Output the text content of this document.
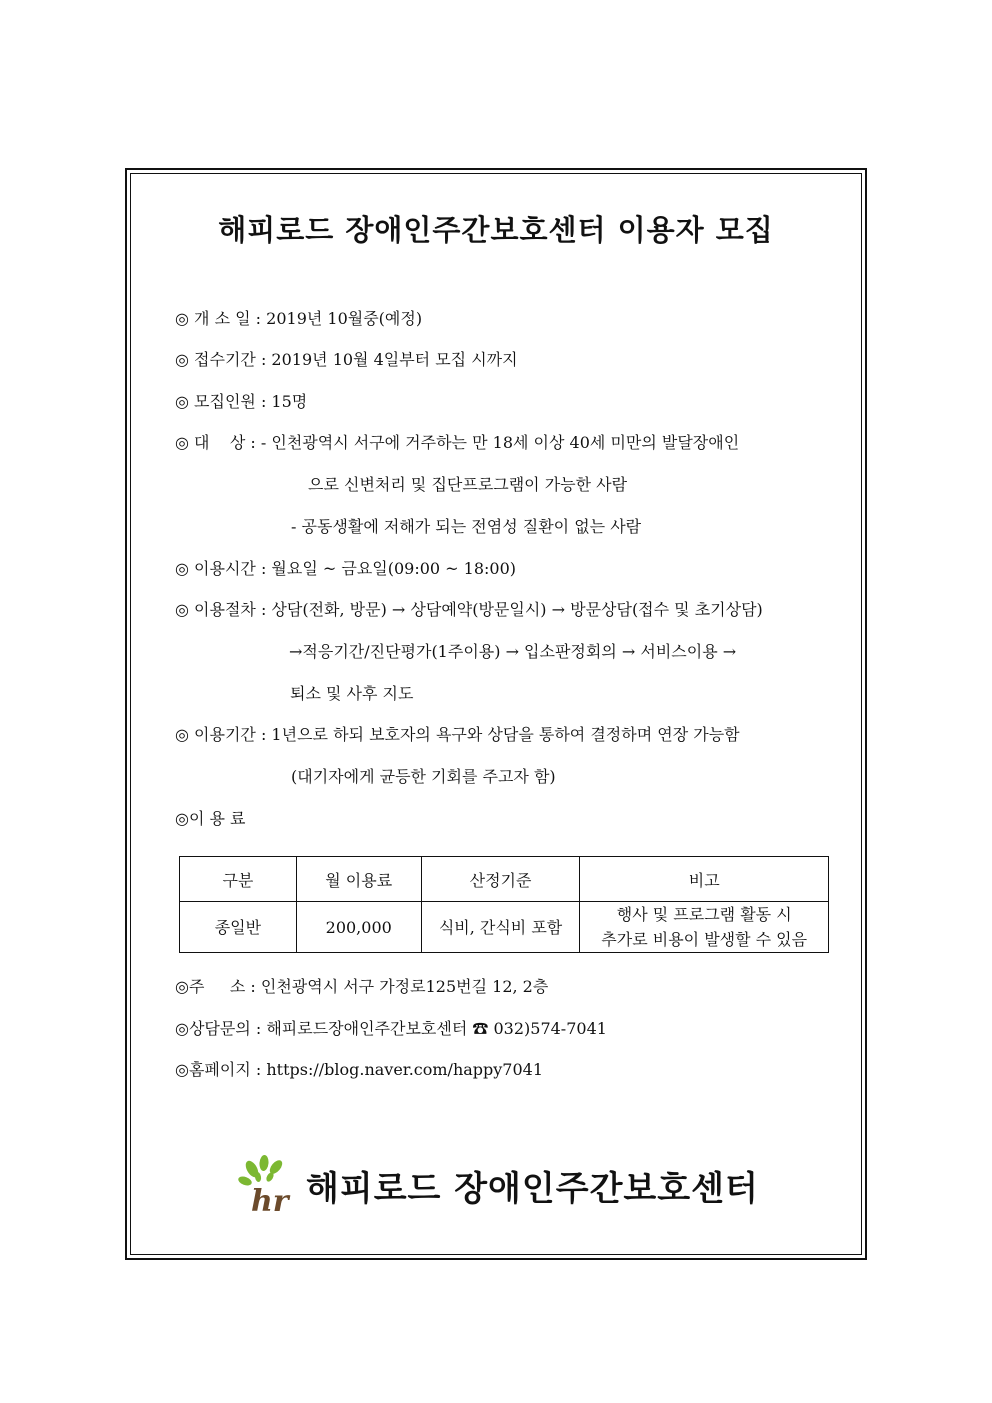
해피로드 장애인주간보호센터 이용자 모집
◎ 개 소 일 : 2019년 10월중(예정)
◎ 접수기간 : 2019년 10월 4일부터 모집 시까지
◎ 모집인원 : 15명
◎ 대    상 : - 인천광역시 서구에 거주하는 만 18세 이상 40세 미만의 발달장애인
으로 신변처리 및 집단프로그램이 가능한 사람
- 공동생활에 저해가 되는 전염성 질환이 없는 사람
◎ 이용시간 : 월요일 ~ 금요일(09:00 ~ 18:00)
◎ 이용절차 : 상담(전화, 방문) → 상담예약(방문일시) → 방문상담(접수 및 초기상담)
→적응기간/진단평가(1주이용) → 입소판정회의 → 서비스이용 →
퇴소 및 사후 지도
◎ 이용기간 : 1년으로 하되 보호자의 욕구와 상담을 통하여 결정하며 연장 가능함
(대기자에게 균등한 기회를 주고자 함)
◎이 용 료
구분	월 이용료	산정기준	비고
종일반	200,000	식비, 간식비 포함	행사 및 프로그램 활동 시
추가로 비용이 발생할 수 있음
◎주     소 : 인천광역시 서구 가정로125번길 12, 2층
◎상담문의 : 해피로드장애인주간보호센터 ☎ 032)574-7041
◎홈페이지 : https://blog.naver.com/happy7041
hr 해피로드 장애인주간보호센터
